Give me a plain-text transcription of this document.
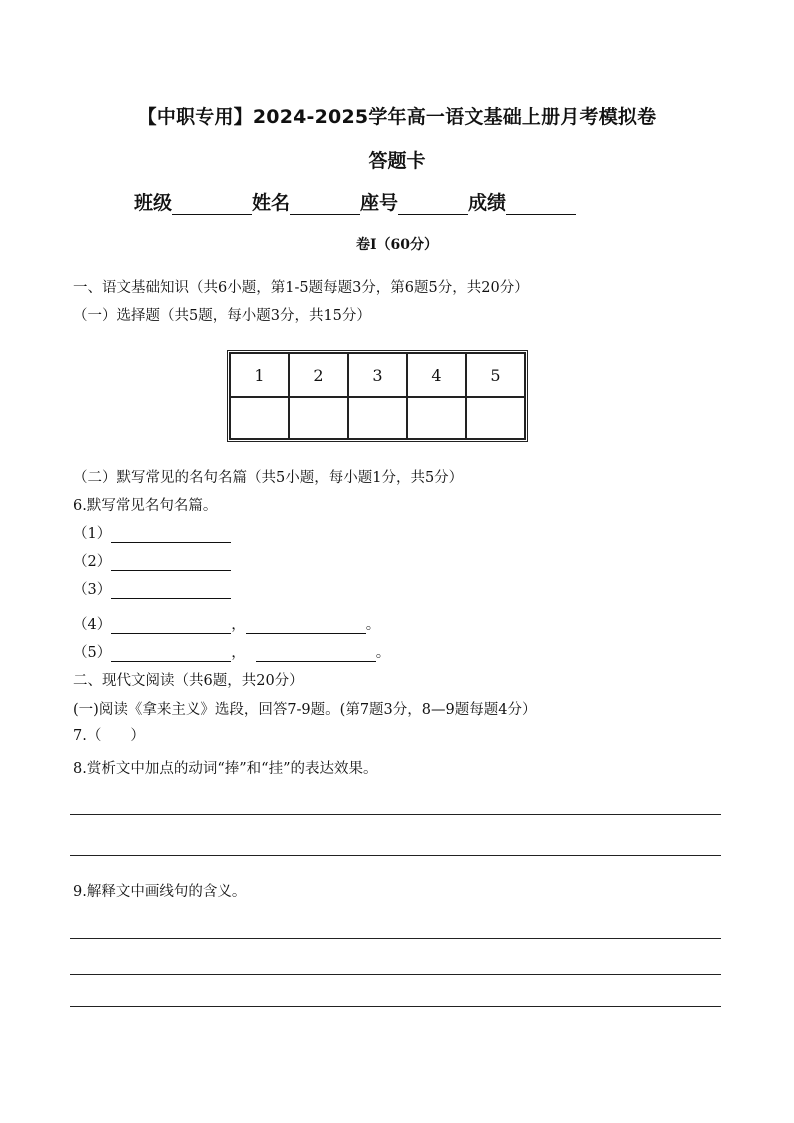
【中职专用】2024-2025学年高一语文基础上册月考模拟卷
答题卡
班级	姓名	座号	成绩
卷Ⅰ（60分）
一、语文基础知识（共6小题，第1-5题每题3分，第6题5分，共20分）
（一）选择题（共5题，每小题3分，共15分）
1	2	3	4	5

（二）默写常见的名句名篇（共5小题，每小题1分，共5分）
6.默写常见名句名篇。
（1）
（2）
（3）
（4）	，	。
（5）	，	。
二、现代文阅读（共6题，共20分）
(一)阅读《拿来主义》选段，回答7-9题。(第7题3分，8—9题每题4分）
7.（　　）
8.赏析文中加点的动词“捧”和“挂”的表达效果。
9.解释文中画线句的含义。
